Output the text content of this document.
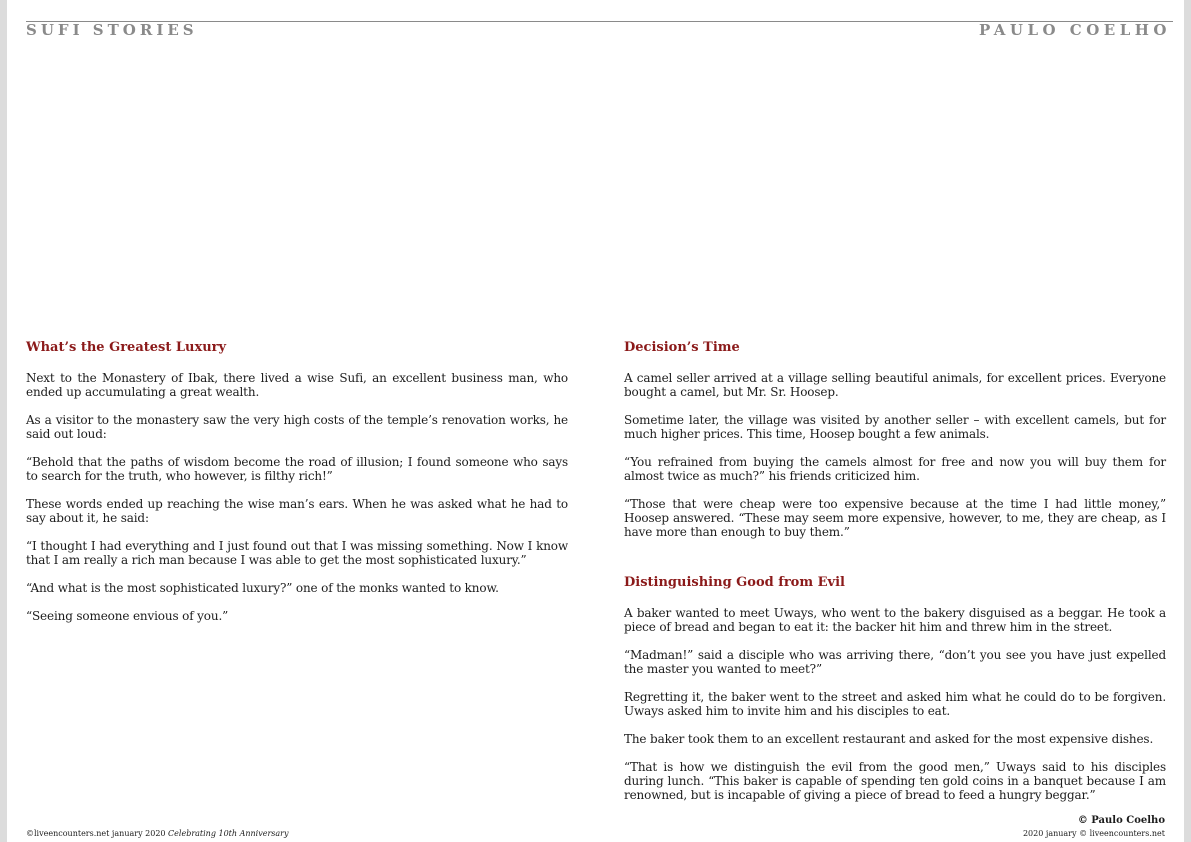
SUFI STORIES	PAULO COELHO
What’s the Greatest Luxury

Next to the Monastery of Ibak, there lived a wise Sufi, an excellent business man, who ended up accumulating a great wealth.

As a visitor to the monastery saw the very high costs of the temple’s renovation works, he said out loud:

“Behold that the paths of wisdom become the road of illusion; I found someone who says to search for the truth, who however, is filthy rich!”

These words ended up reaching the wise man’s ears. When he was asked what he had to say about it, he said:

“I thought I had everything and I just found out that I was missing something. Now I know that I am really a rich man because I was able to get the most sophisticated luxury.”

“And what is the most sophisticated luxury?” one of the monks wanted to know.

“Seeing someone envious of you.”

Decision’s Time

A camel seller arrived at a village selling beautiful animals, for excellent prices. Everyone bought a camel, but Mr. Sr. Hoosep.

Sometime later, the village was visited by another seller – with excellent camels, but for much higher prices. This time, Hoosep bought a few animals.

“You refrained from buying the camels almost for free and now you will buy them for almost twice as much?” his friends criticized him.

“Those that were cheap were too expensive because at the time I had little money,” Hoosep answered. “These may seem more expensive, however, to me, they are cheap, as I have more than enough to buy them.”

Distinguishing Good from Evil

A baker wanted to meet Uways, who went to the bakery disguised as a beggar. He took a piece of bread and began to eat it: the backer hit him and threw him in the street.

“Madman!” said a disciple who was arriving there, “don’t you see you have just expelled the master you wanted to meet?”

Regretting it, the baker went to the street and asked him what he could do to be forgiven. Uways asked him to invite him and his disciples to eat.

The baker took them to an excellent restaurant and asked for the most expensive dishes.

“That is how we distinguish the evil from the good men,” Uways said to his disciples during lunch. “This baker is capable of spending ten gold coins in a banquet because I am renowned, but is incapable of giving a piece of bread to feed a hungry beggar.”

© Paulo Coelho
©liveencounters.net january 2020 Celebrating 10th Anniversary	2020 january © liveencounters.net
